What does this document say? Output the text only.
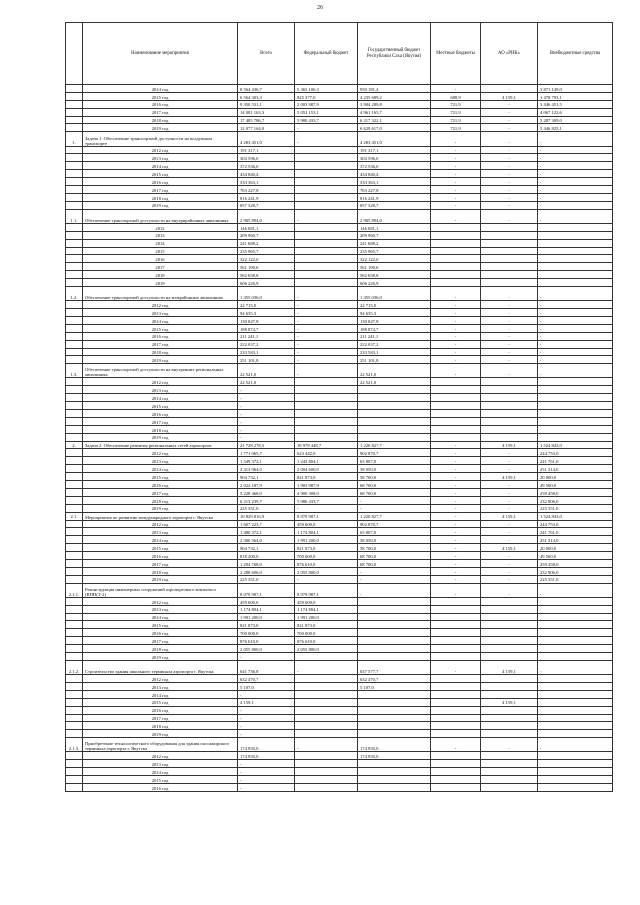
26
	Наименование мероприятия	Всего	Федеральный бюджет	Государственный бюджет Республики Саха (Якутия)	Местные бюджеты	АО «РИК»	Внебюджетные средства
	2014 год	8 564 436,7	5 365 106,3	950 181,4	-	-	3 871 149,0
	2015 год	6 564 303,3	845 377,0	4 235 689,2	688,9	4 159,1	1 478 793,1
	2016 год	9 350 531,1	2 003 987,9	3 904 289,8	721,9	-	3 446 451,5
	2017 год	14 081 163,3	5 052 153,1	4 961 165,7	721,9	-	4 067 122,6
	2018 год	17 485 786,7	5 980 433,7	6 217 322,1	721,9	-	5 287 309,0
	2019 год	12 077 164,0	-	6 629 617,0	721,9	-	5 446 825,1
1.	Задача 1. Обеспечение транспортной доступности на воздушном транспорте	4 283 451,0	-	4 283 451,0	-	-	-
	2012 год	191 317,1		191 317,1	-	-	-
	2013 год	304 596,0		304 596,0	-	-	-
	2014 год	372 536,0		372 536,0	-	-	-
	2015 год	434 840,4		434 840,4	-	-	-
	2016 год	533 363,1		533 363,1	-	-	-
	2017 год	783 227,8		783 227,8	-	-	-
	2018 год	816 241,9		816 241,9	-	-	-
	2019 год	857 328,7		857 328,7	-	-	-
1.1.	Обеспечение транспортной доступности на внутрирайонных авиалиниях	2 905 894,0	-	2 905 894,0	-	-	-
	2012	146 081,1		146 081,1			
	2013	209 960,7		209 960,7			
	2014	241 688,2		241 688,2			
	2015	235 965,7		235 965,7			
	2016	322 122,0		322 122,0			
	2017	561 190,6		561 190,6			
	2018	582 658,8		582 658,8			
	2019	606 226,9		606 226,9			
1.2.	Обеспечение транспортной доступности на межрайонных авиалиниях	1 355 036,0	-	1 355 036,0	-	-	-
	2012 год	22 715,0	-	22 715,0	-	-	-
	2013 год	94 635,3	-	94 635,3	-	-	-
	2014 год	130 847,8	-	130 847,8	-	-	-
	2015 год	188 874,7	-	188 874,7	-	-	-
	2016 год	211 241,1	-	211 241,1	-	-	-
	2017 год	222 037,2	-	222 037,2	-	-	-
	2018 год	233 583,1	-	233 583,1	-	-	-
	2019 год	251 101,8	-	251 101,8	-	-	-
1.3.	Обеспечение транспортной доступности на внутренних региональных авиалиниях	22 521,0	-	22 521,0	-	-	-
	2012 год	22 521,0		22 521,0			
	2013 год	-					
	2014 год	-					
	2015 год	-					
	2016 год	-					
	2017 год	-					
	2018 год	-					
	2019 год	-					
2.	Задача 2. Обеспечение развития региональных сетей аэропортов	21 728 278,5	18 978 448,7	1 220 827,7	-	4 159,1	1 524 843,0
	2012 год	1 771 065,7	623 442,0	902 870,7	-	-	244 753,0
	2013 год	1 549 372,1	1 243 804,1	63 807,0	-	-	241 761,0
	2014 год	2 313 964,0	2 004 600,0	58 050,0	-	-	251 314,0
	2015 год	904 732,1	821 873,0	58 700,0	-	4 159,1	20 000,0
	2016 год	2 022 187,9	1 903 987,9	68 700,0	-	-	49 500,0
	2017 год	5 228 468,0	4 900 308,0	68 700,0	-	-	259 458,0
	2018 год	6 213 239,7	5 980 433,7	-	-	-	232 806,0
	2019 год	225 351,0	-	-	-	-	225 351,0
2.1.	Мероприятия по развитию международного аэропорта г. Якутска	10 829 816,9	8 079 987,1	1 220 827,7	-	4 159,1	1 524 843,0
	2012 год	1 607 223,7	459 600,0	902 870,7	-	-	244 753,0
	2013 год	1 480 372,1	1 174 804,1	63 807,0	-	-	241 761,0
	2014 год	2 300 564,0	1 991 200,0	58 050,0	-	-	251 314,0
	2015 год	904 732,1	821 873,0	58 700,0	-	4 159,1	20 000,0
	2016 год	818 200,0	700 000,0	68 700,0	-	-	49 500,0
	2017 год	1 204 768,0	876 610,0	68 700,0	-	-	259 458,0
	2018 год	2 288 606,0	2 055 800,0	-	-	-	232 806,0
	2019 год	225 351,0	-	-	-	-	225 351,0
2.1.1.	Реконструкция инженерных сооружений аэропортового комплекса (ВПП(Т-2)	8 079 987,1	8 079 987,1	-	-	-	-
	2012 год	459 600,0	459 600,0				
	2013 год	1 174 804,1	1 174 804,1				
	2014 год	1 991 200,0	1 991 200,0				
	2015 год	821 873,0	821 873,0				
	2016 год	700 000,0	700 000,0				
	2017 год	876 610,0	876 610,0				
	2018 год	2 055 800,0	2 055 800,0				
	2019 год	-					
2.1.2.	Строительство здания школьного терминала аэропорта г. Якутска	641 736,8	-	637 577,7	-	4 159,1	-
	2012 год	632 470,7		632 470,7			
	2013 год	5 107,0		5 107,0			
	2014 год	-					
	2015 год	4 159,1				4 159,1	
	2016 год	-					
	2017 год	-					
	2018 год	-					
	2019 год	-					
2.1.3.	Приобретение технологического оборудования для здания пассажирского терминала аэропорта г. Якутска	174 950,0	-	174 950,0	-	-	-
	2012 год	174 950,0		174 950,0			
	2013 год	-					
	2014 год	-					
	2015 год	-					
	2016 год	-					
